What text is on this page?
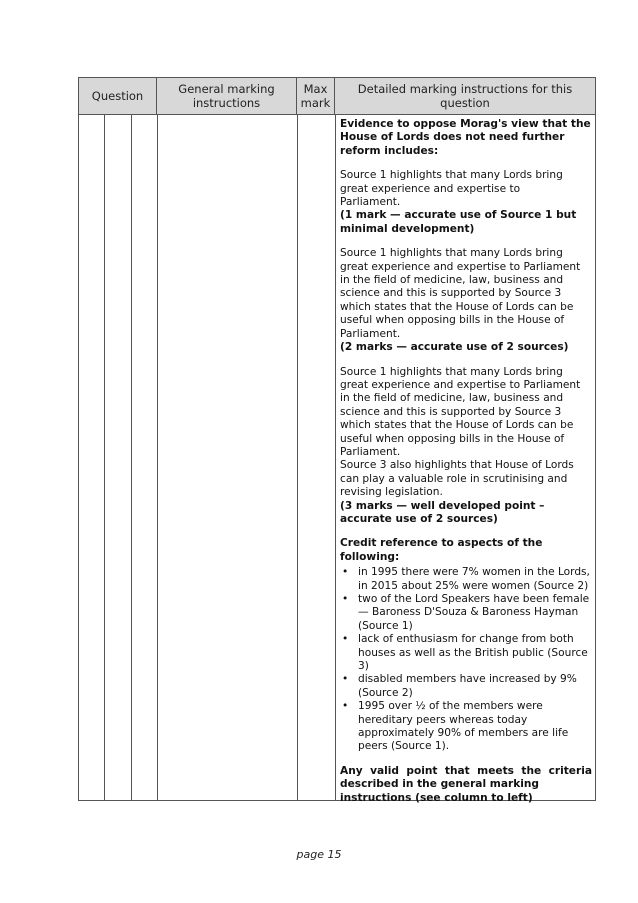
Question	General marking instructions
Max mark
Detailed marking instructions for this question

Evidence to oppose Morag's view that the House of Lords does not need further reform includes:

Source 1 highlights that many Lords bring great experience and expertise to
Parliament.
(1 mark — accurate use of Source 1 but minimal development)

Source 1 highlights that many Lords bring great experience and expertise to Parliament in the field of medicine, law, business and science and this is supported by Source 3 which states that the House of Lords can be useful when opposing bills in the House of Parliament.
(2 marks — accurate use of 2 sources)

Source 1 highlights that many Lords bring great experience and expertise to Parliament in the field of medicine, law, business and science and this is supported by Source 3 which states that the House of Lords can be useful when opposing bills in the House of Parliament.
Source 3 also highlights that House of Lords can play a valuable role in scrutinising and revising legislation.
(3 marks — well developed point – accurate use of 2 sources)

Credit reference to aspects of the following:
• in 1995 there were 7% women in the Lords, in 2015 about 25% were women (Source 2)
• two of the Lord Speakers have been female — Baroness D'Souza & Baroness Hayman (Source 1)
• lack of enthusiasm for change from both houses as well as the British public (Source 3)
• disabled members have increased by 9% (Source 2)
• 1995 over ½ of the members were hereditary peers whereas today approximately 90% of members are life peers (Source 1).
Any valid point that meets the criteria
described in the general marking instructions (see column to left)
page 15
